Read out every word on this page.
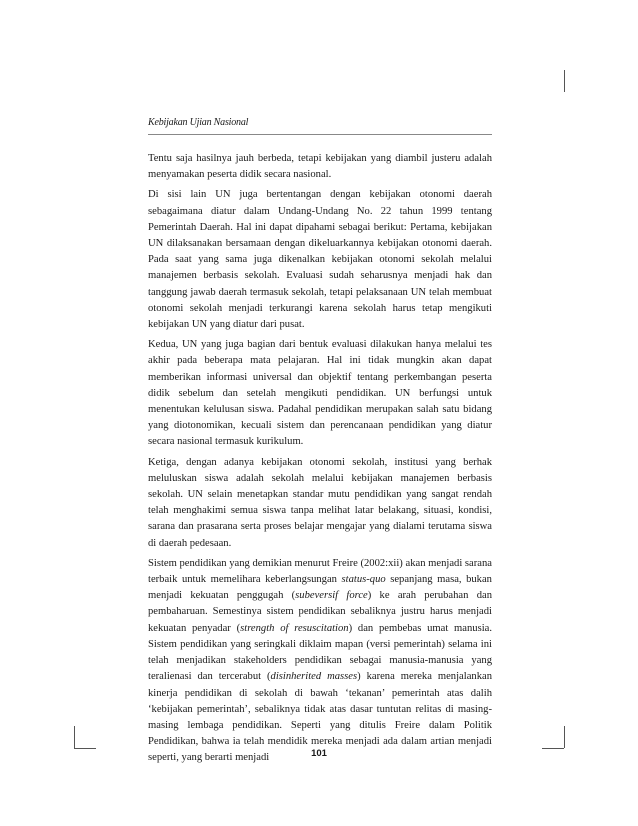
Kebijakan Ujian Nasional

Tentu saja hasilnya jauh berbeda, tetapi kebijakan yang diambil justeru adalah menyamakan peserta didik secara nasional.

Di sisi lain UN juga bertentangan dengan kebijakan otonomi daerah sebagaimana diatur dalam Undang-Undang No. 22 tahun 1999 tentang Pemerintah Daerah. Hal ini dapat dipahami sebagai berikut: Pertama, kebijakan UN dilaksanakan bersamaan dengan dikeluarkannya kebijakan otonomi daerah. Pada saat yang sama juga dikenalkan kebijakan otonomi sekolah melalui manajemen berbasis sekolah. Evaluasi sudah seharusnya menjadi hak dan tanggung jawab daerah termasuk sekolah, tetapi pelaksanaan UN telah membuat otonomi sekolah menjadi terkurangi karena sekolah harus tetap mengikuti kebijakan UN yang diatur dari pusat.

Kedua, UN yang juga bagian dari bentuk evaluasi dilakukan hanya melalui tes akhir pada beberapa mata pelajaran. Hal ini tidak mungkin akan dapat memberikan informasi universal dan objektif tentang perkembangan peserta didik sebelum dan setelah mengikuti pendidikan. UN berfungsi untuk menentukan kelulusan siswa. Padahal pendidikan merupakan salah satu bidang yang diotonomikan, kecuali sistem dan perencanaan pendidikan yang diatur secara nasional termasuk kurikulum.

Ketiga, dengan adanya kebijakan otonomi sekolah, institusi yang berhak meluluskan siswa adalah sekolah melalui kebijakan manajemen berbasis sekolah. UN selain menetapkan standar mutu pendidikan yang sangat rendah telah menghakimi semua siswa tanpa melihat latar belakang, situasi, kondisi, sarana dan prasarana serta proses belajar mengajar yang dialami terutama siswa di daerah pedesaan.

Sistem pendidikan yang demikian menurut Freire (2002:xii) akan menjadi sarana terbaik untuk memelihara keberlangsungan status-quo sepanjang masa, bukan menjadi kekuatan penggugah (subeversif force) ke arah perubahan dan pembaharuan. Semestinya sistem pendidikan sebaliknya justru harus menjadi kekuatan penyadar (strength of resuscitation) dan pembebas umat manusia. Sistem pendidikan yang seringkali diklaim mapan (versi pemerintah) selama ini telah menjadikan stakeholders pendidikan sebagai manusia-manusia yang teralienasi dan tercerabut (disinherited masses) karena mereka menjalankan kinerja pendidikan di sekolah di bawah ‘tekanan’ pemerintah atas dalih ‘kebijakan pemerintah’, sebaliknya tidak atas dasar tuntutan relitas di masing-masing lembaga pendidikan. Seperti yang ditulis Freire dalam Politik Pendidikan, bahwa ia telah mendidik mereka menjadi ada dalam artian menjadi seperti, yang berarti menjadi	101
